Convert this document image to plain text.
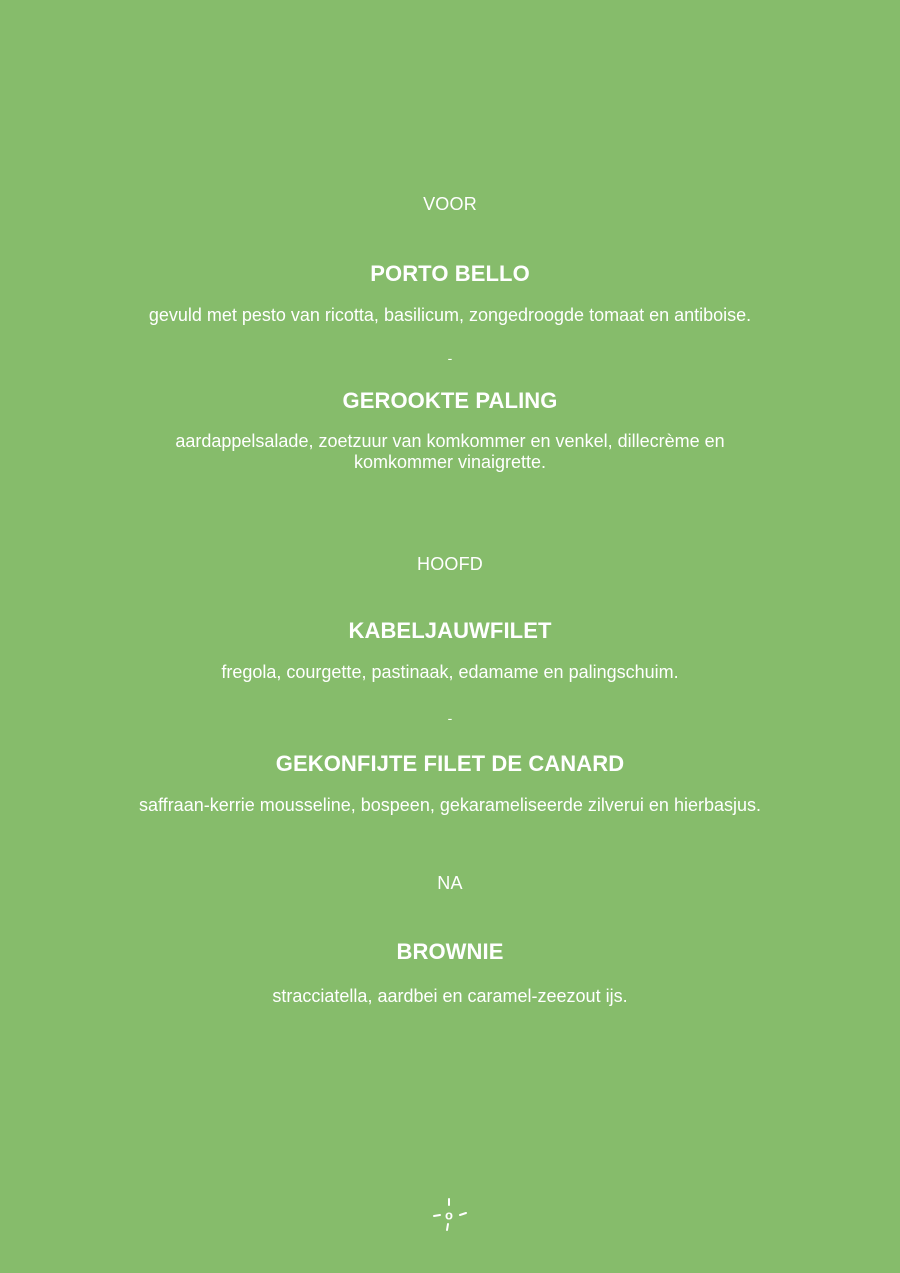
VOOR
PORTO BELLO
gevuld met pesto van ricotta, basilicum, zongedroogde tomaat en antiboise.
-
GEROOKTE PALING
aardappelsalade, zoetzuur van komkommer en venkel, dillecrème en komkommer vinaigrette.
HOOFD
KABELJAUWFILET
fregola, courgette, pastinaak, edamame en palingschuim.
-
GEKONFIJTE FILET DE CANARD
saffraan-kerrie mousseline, bospeen, gekarameliseerde zilverui en hierbasjus.
NA
BROWNIE
stracciatella, aardbei en caramel-zeezout ijs.
o
